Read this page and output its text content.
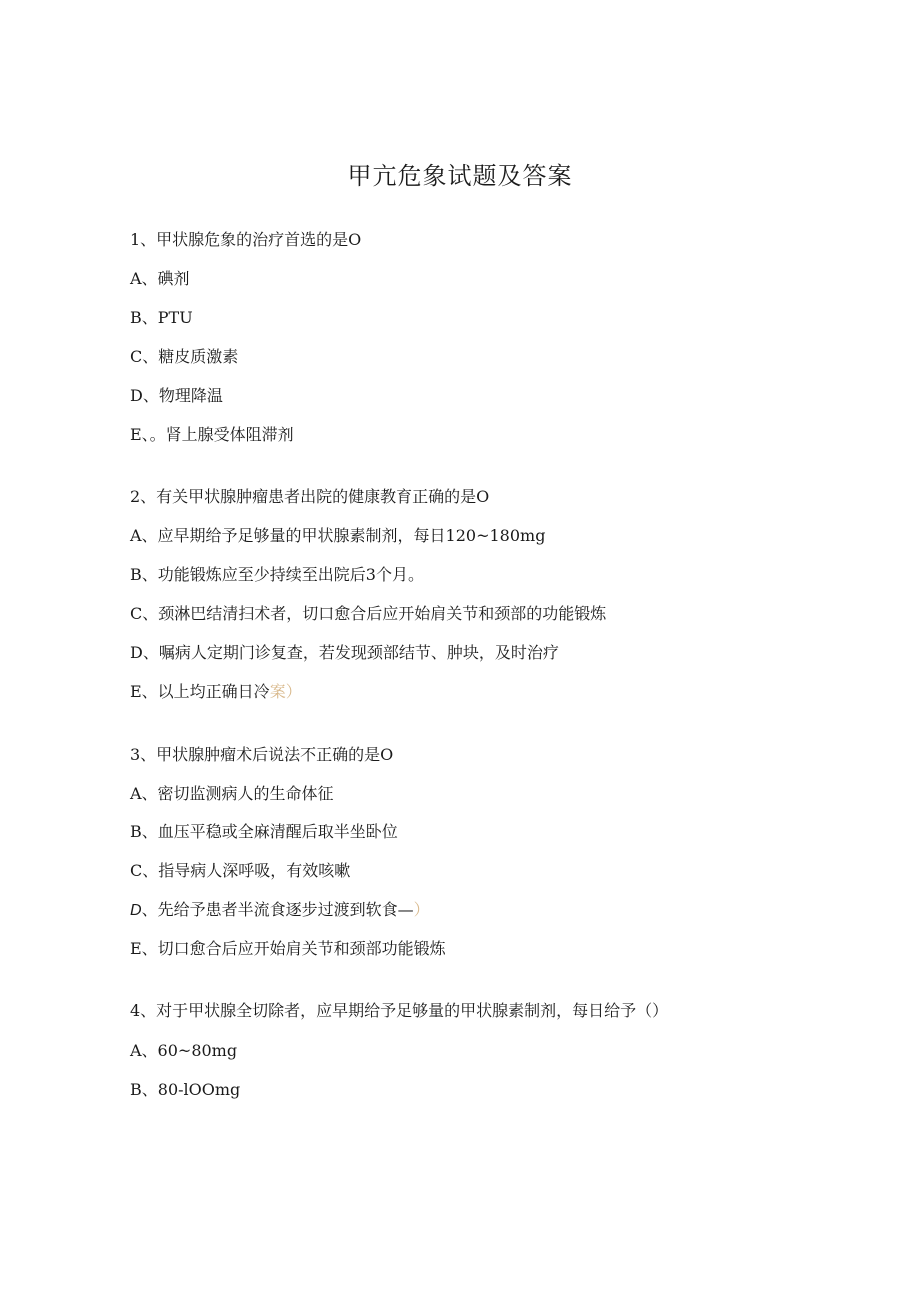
甲亢危象试题及答案
1、甲状腺危象的治疗首选的是O
A、碘剂
B、PTU
C、糖皮质激素
D、物理降温
E、。肾上腺受体阻滞剂
2、有关甲状腺肿瘤患者出院的健康教育正确的是O
A、应早期给予足够量的甲状腺素制剂，每日120~180mg
B、功能锻炼应至少持续至出院后3个月。
C、颈淋巴结清扫术者，切口愈合后应开始肩关节和颈部的功能锻炼
D、嘱病人定期门诊复查，若发现颈部结节、肿块，及时治疗
E、以上均正确日冷案）
3、甲状腺肿瘤术后说法不正确的是O
A、密切监测病人的生命体征
B、血压平稳或全麻清醒后取半坐卧位
C、指导病人深呼吸，有效咳嗽
D、先给予患者半流食逐步过渡到软食—）
E、切口愈合后应开始肩关节和颈部功能锻炼
4、对于甲状腺全切除者，应早期给予足够量的甲状腺素制剂，每日给予（）
A、60~80mg
B、80-lOOmg
